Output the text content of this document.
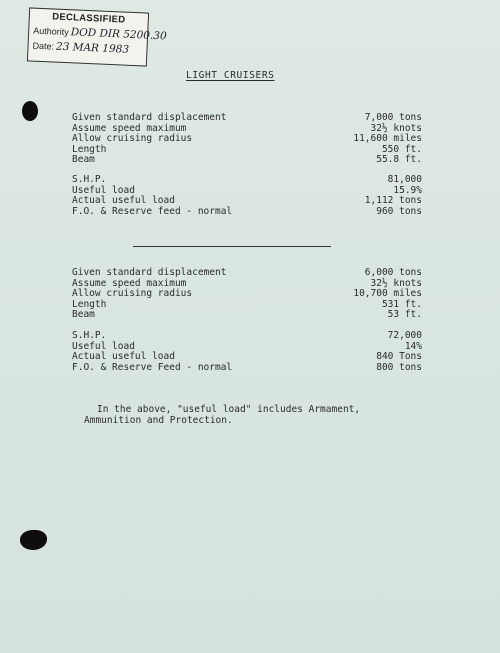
DECLASSIFIED
Authority DOD DIR 5200.30
Date: 23 MAR 1983
LIGHT CRUISERS
Given standard displacement	7,000 tons
Assume speed maximum	32½ knots
Allow cruising radius	11,600 miles
Length	550 ft.
Beam	55.8 ft.
S.H.P.	81,000
Useful load	15.9%
Actual useful load	1,112 tons
F.O. & Reserve feed - normal	960 tons
Given standard displacement	6,000 tons
Assume speed maximum	32½ knots
Allow cruising radius	10,700 miles
Length	531 ft.
Beam	53 ft.
S.H.P.	72,000
Useful load	14%
Actual useful load	840 Tons
F.O. & Reserve Feed - normal	800 tons
In the above, "useful load" includes Armament,
Ammunition and Protection.
